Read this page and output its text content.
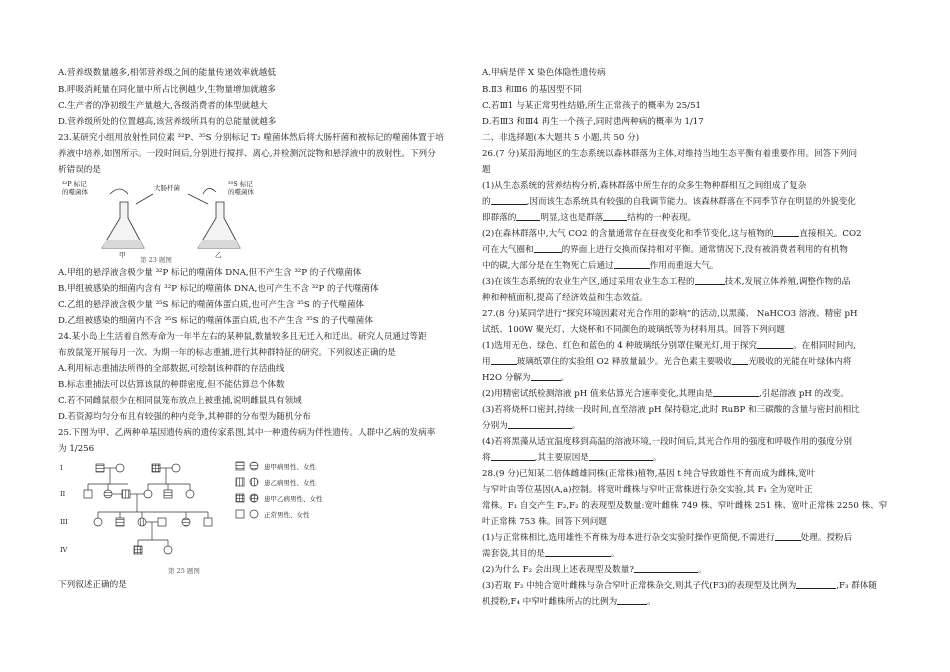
A.营养级数量越多,相邻营养级之间的能量传递效率就越低
B.呼吸消耗量在同化量中所占比例越少,生物量增加就越多
C.生产者的净初级生产量越大,各级消费者的体型就越大
D.营养级所处的位置越高,该营养级所具有的总能量就越多
23.某研究小组用放射性同位素 ³²P、³⁵S 分别标记 T₂ 噬菌体然后将大肠杆菌和被标记的噬菌体置于培
养液中培养,如图所示。一段时间后,分别进行搅拌、离心,并检测沉淀物和悬浮液中的放射性。下列分
析错误的是
³²P 标记
的噬菌体	大肠杆菌	³⁵S 标记
的噬菌体
甲	乙
第 23 题图
A.甲组的悬浮液含极少量 ³²P 标记的噬菌体 DNA,但不产生含 ³²P 的子代噬菌体
B.甲组被感染的细菌内含有 ³²P 标记的噬菌体 DNA,也可产生不含 ³²P 的子代噬菌体
C.乙组的悬浮液含极少量 ³⁵S 标记的噬菌体蛋白质,也可产生含 ³⁵S 的子代噬菌体
D.乙组被感染的细菌内不含 ³⁵S 标记的噬菌体蛋白质,也不产生含 ³⁵S 的子代噬菌体
24.某小岛上生活着自然寿命为一年半左右的某种鼠,数量较多且无迁入和迁出。研究人员通过等距
布放鼠笼开展每月一次、为期一年的标志重捕,进行其种群特征的研究。下列叙述正确的是
A.利用标志重捕法所得的全部数据,可绘制该种群的存活曲线
B.标志重捕法可以估算该鼠的种群密度,但不能估算总个体数
C.若不同雌鼠很少在相同鼠笼布放点上被重捕,说明雌鼠具有领域
D.若资源均匀分布且有较强的种内竞争,其种群的分布型为随机分布
25.下图为甲、乙两种单基因遗传病的遗传家系图,其中一种遗传病为伴性遗传。人群中乙病的发病率
为 1/256
I
II
III
IV
患甲病男性、女性
患乙病男性、女性
患甲乙病男性、女性
正常男性、女性
第 25 题图
下列叙述正确的是
A.甲病是伴 X 染色体隐性遗传病
B.Ⅱ3 和Ⅲ6 的基因型不同
C.若Ⅲ1 与某正常男性结婚,所生正常孩子的概率为 25/51
D.若Ⅲ3 和Ⅲ4 再生一个孩子,同时患两种病的概率为 1/17
二、非选择题(本大题共 5 小题,共 50 分)
26.(7 分)某沿海地区的生态系统以森林群落为主体,对维持当地生态平衡有着重要作用。回答下列问
题
(1)从生态系统的营养结构分析,森林群落中所生存的众多生物种群相互之间组成了复杂
的	,因而该生态系统具有较强的自我调节能力。该森林群落在不同季节存在明显的外貌变化
即群落的	明显,这也是群落	结构的一种表现。
(2)在森林群落中,大气 CO2 的含量通常存在昼夜变化和季节变化,这与植物的	直接相关。CO2
可在大气圈和	的界面上进行交换而保持相对平衡。通常情况下,没有被消费者利用的有机物
中的碳,大部分是在生物死亡后通过	作用而重返大气。
(3)在该生态系统的农业生产区,通过采用农业生态工程的	技术,发展立体养殖,调整作物的品
种和种植面积,提高了经济效益和生态效益。
27.(8 分)某同学进行“探究环境因素对光合作用的影响”的活动,以黑藻、 NaHCO3 溶液、精密 pH
试纸、100W 聚光灯、大烧杯和不同颜色的玻璃纸等为材料用具。回答下列问题
(1)选用无色、绿色、红色和蓝色的 4 种玻璃纸分别罩住聚光灯,用于探究	。在相同时间内,
用	玻璃纸罩住的实验组 O2 释放量最少。光合色素主要吸收 光吸收的光能在叶绿体内将
H2O 分解为	。
(2)用精密试纸检测溶液 pH 值来估算光合速率变化,其理由是	,引起溶液 pH 的改变。
(3)若将烧杯口密封,持续一段时间,直至溶液 pH 保持稳定,此时 RuBP 和三碳酸的含量与密封前相比
分别为	。
(4)若将黑藻从适宜温度移到高温的溶液环境,一段时间后,其光合作用的强度和呼吸作用的强度分别
将	,其主要原因是	。
28.(9 分)已知某二倍体雌雄同株(正常株)植物,基因 t 纯合导致雄性不育而成为雌株,宽叶
与窄叶由等位基因(A,a)控制。将宽叶雌株与窄叶正常株进行杂交实验,其 F₁ 全为宽叶正
常株。F₁ 自交产生 F₂,F₂ 的表现型及数量:宽叶雌株 749 株、窄叶雌株 251 株、宽叶正常株 2250 株、窄
叶正常株 753 株。回答下列问题
(1)与正常株相比,选用雄性不育株为母本进行杂交实验时操作更简便,不需进行	处理。授粉后
需套袋,其目的是	。
(2)为什么 F₂ 会出现上述表现型及数量?	。
(3)若取 F₂ 中纯合宽叶雌株与杂合窄叶正常株杂交,则其子代(F3)的表现型及比例为	,F₃ 群体随
机授粉,F₄ 中窄叶雌株所占的比例为	。
